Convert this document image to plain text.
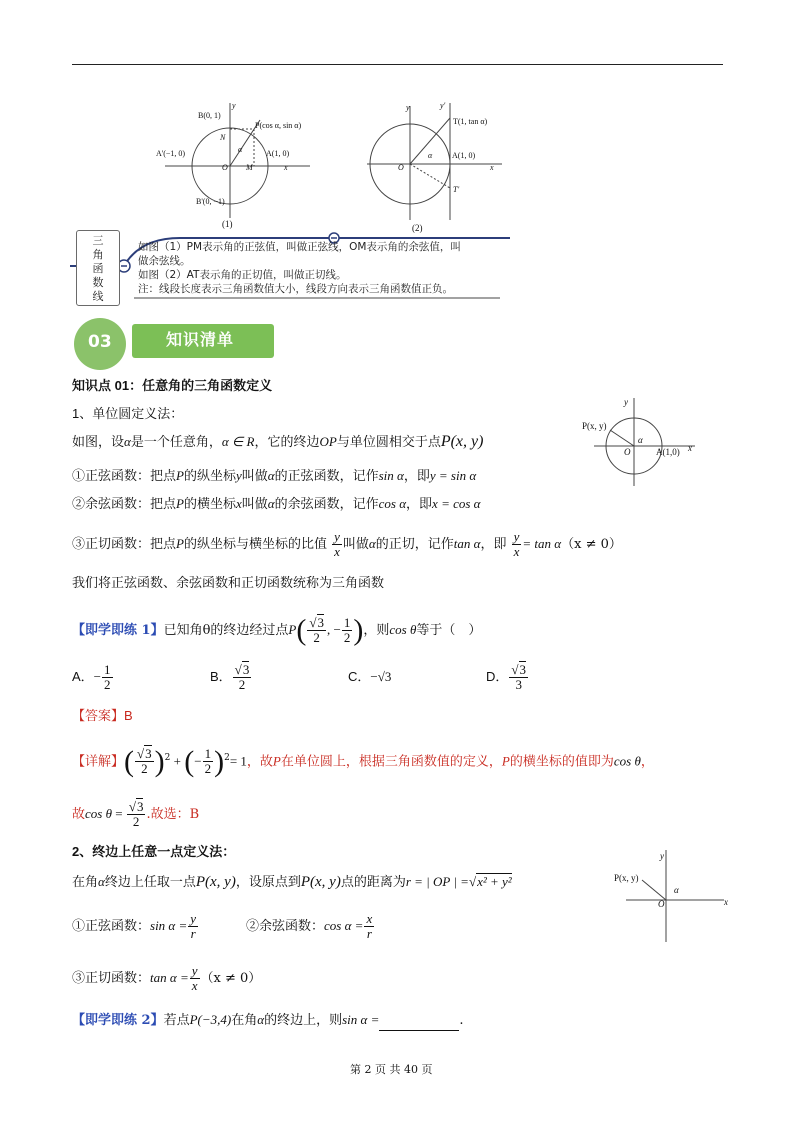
B(0, 1)
P(cos α, sin α)
N
α
A'(−1, 0)	A(1, 0)
O M	x
y
B'(0, −1)
(1)
y	y'
T(1, tan α)
α
O
A(1, 0)
x
T'
(2)
三角函数线
如图（1）PM表示角的正弦值，叫做正弦线，OM表示角的余弦值，叫
做余弦线。
如图（2）AT表示角的正切值，叫做正切线。
注：线段长度表示三角函数值大小，线段方向表示三角函数值正负。
03	知识清单
知识点 01：任意角的三角函数定义
1、单位圆定义法：
如图，设α是一个任意角，α ∈ R，它的终边OP与单位圆相交于点P(x, y)
①正弦函数：把点P的纵坐标y叫做α的正弦函数，记作sin α，即y = sin α
②余弦函数：把点P的横坐标x叫做α的余弦函数，记作cos α，即x = cos α
③正切函数：把点P的纵坐标与横坐标的比值 $\frac{y}{x}$ 叫做α的正切，记作tan α，即 $\frac{y}{x} = \tan \alpha(x \ne 0)$
我们将正弦函数、余弦函数和正切函数统称为三角函数
P(x, y)
y
α
O	A(1,0) x
【即学即练 1】已知角θ的终边经过点$P( \frac{√3}{2}$ , − $\frac{1}{2}$ )，则cos θ等于（　）
A．− $\frac{1}{2}$	B． $\frac{√3}{2}$	C．−√3	D． $\frac{√3}{3}$
【答案】B
【详解】( $\frac{√3}{2} )^2$ + (− $\frac{1}{2} )^2= 1$，故P在单位圆上，根据三角函数值的定义，P的横坐标的值即为cos θ，
故$\cos \theta = \frac{√3}{2}$ .故选：B
2、终边上任意一点定义法：
在角α终边上任取一点P(x, y)，设原点到P(x, y)点的距离为r = | OP | =√x² + y²
①正弦函数：$\sin \alpha = \frac{y}{r}$	②余弦函数：$\cos \alpha = \frac{x}{r}$
③正切函数：$\tan \alpha = \frac{y}{x} (x \ne 0)$
P(x, y)
y
α
O	x
【即学即练 2】若点P(−3,4)在角α的终边上，则sin α =	.
第 2 页 共 40 页
